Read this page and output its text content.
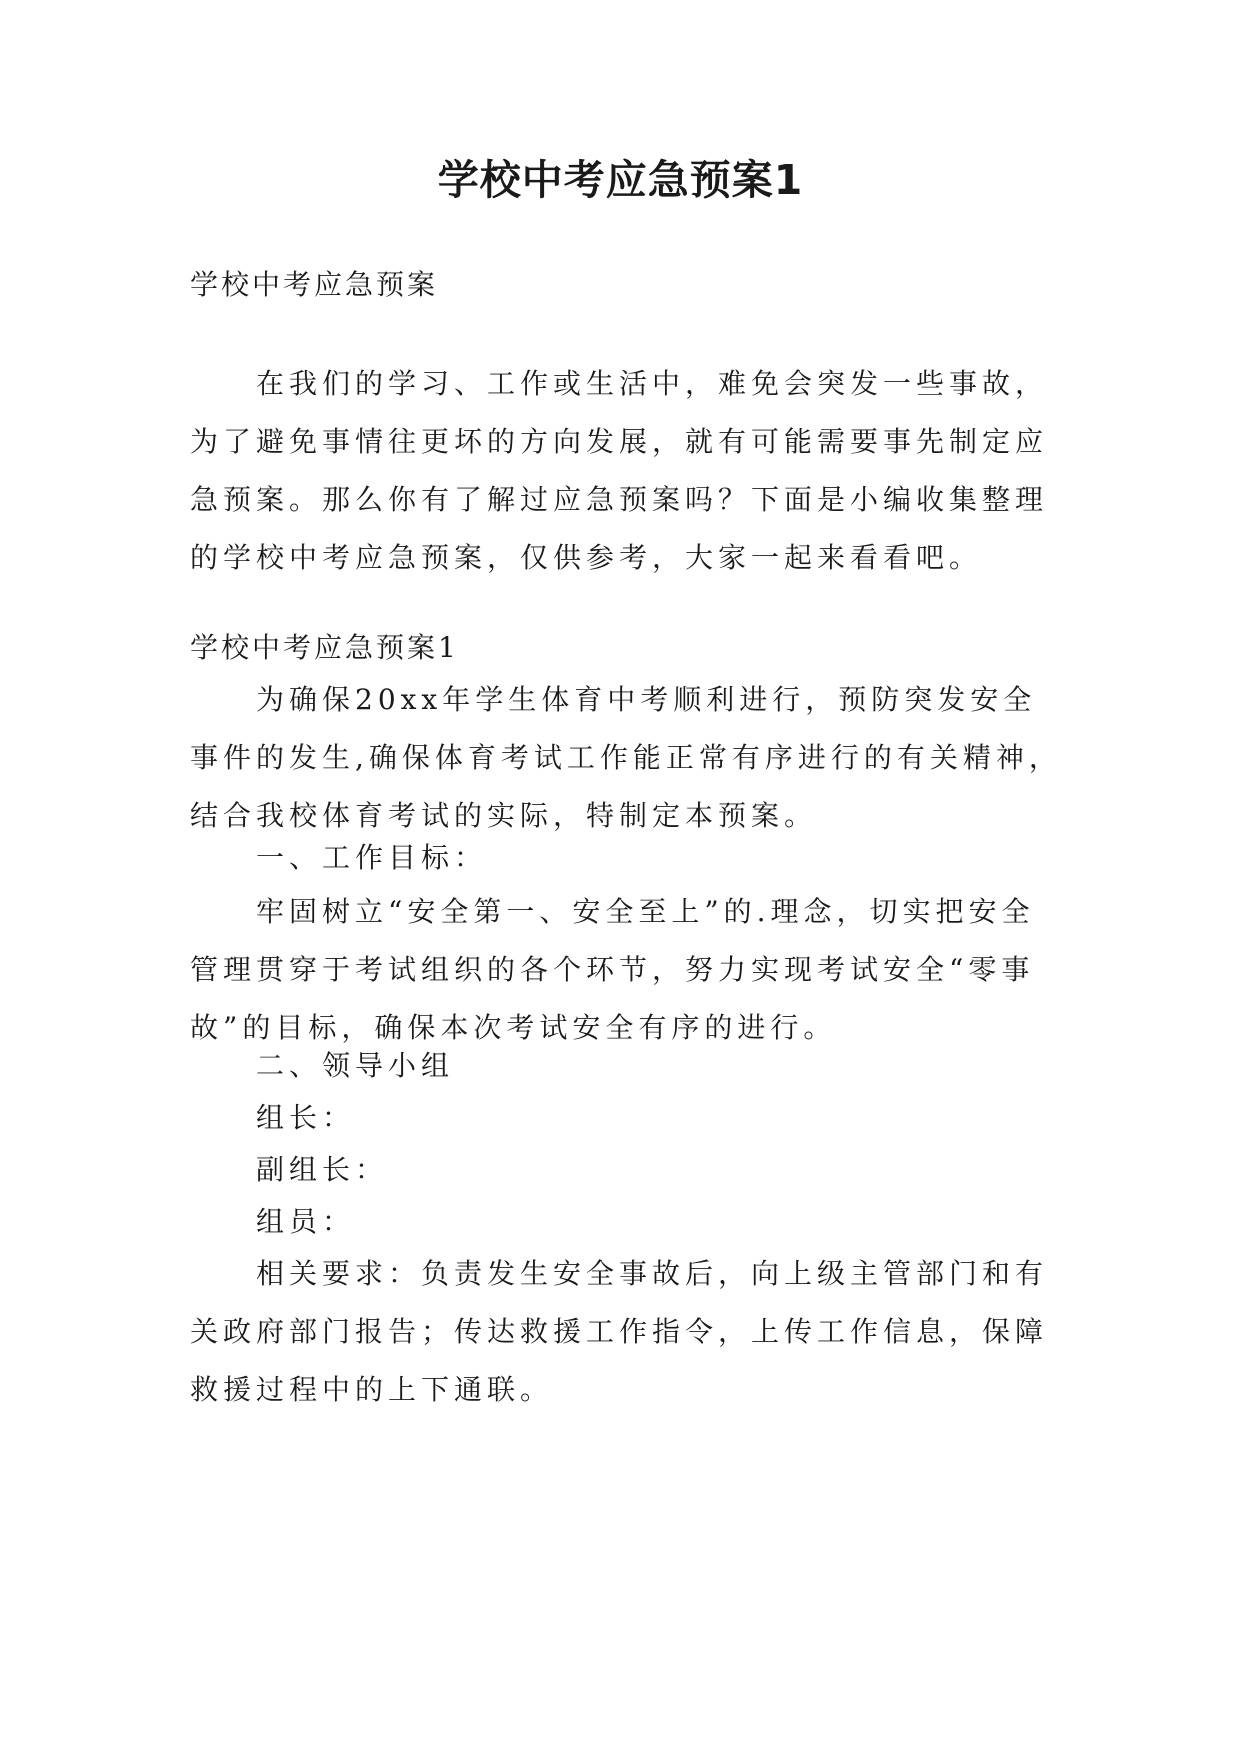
学校中考应急预案1

学校中考应急预案

在我们的学习、工作或生活中，难免会突发一些事故，为了避免事情往更坏的方向发展，就有可能需要事先制定应急预案。那么你有了解过应急预案吗？下面是小编收集整理的学校中考应急预案，仅供参考，大家一起来看看吧。

学校中考应急预案1

为确保20xx年学生体育中考顺利进行，预防突发安全事件的发生,确保体育考试工作能正常有序进行的有关精神，结合我校体育考试的实际，特制定本预案。

一、工作目标：

牢固树立“安全第一、安全至上”的.理念，切实把安全管理贯穿于考试组织的各个环节，努力实现考试安全“零事故”的目标，确保本次考试安全有序的进行。

二、领导小组

组长：

副组长：

组员：

相关要求：负责发生安全事故后，向上级主管部门和有关政府部门报告；传达救援工作指令，上传工作信息，保障救援过程中的上下通联。
